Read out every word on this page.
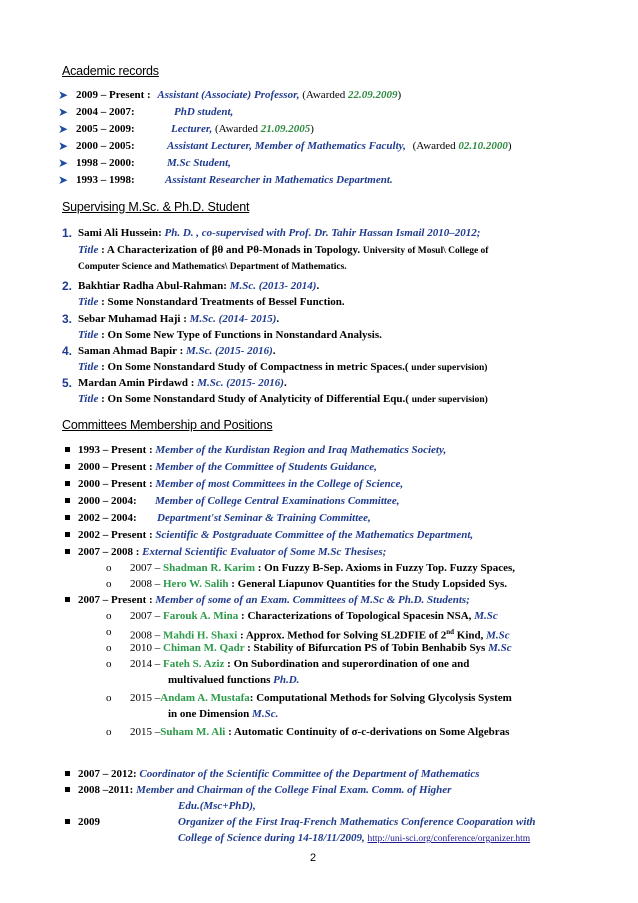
Academic records
➤ 2009 – Present : Assistant (Associate) Professor, (Awarded 22.09.2009)
➤ 2004 – 2007:	PhD student,
➤ 2005 – 2009:	Lecturer, (Awarded 21.09.2005)
➤ 2000 – 2005:	Assistant Lecturer, Member of Mathematics Faculty, (Awarded 02.10.2000)
➤ 1998 – 2000:	M.Sc Student,
➤ 1993 – 1998:	Assistant Researcher in Mathematics Department.
Supervising M.Sc. & Ph.D. Student
1. Sami Ali Hussein: Ph. D. , co-supervised with Prof. Dr. Tahir Hassan Ismail 2010–2012;
Title : A Characterization of βθ and Pθ-Monads in Topology. University of Mosul\ College of
Computer Science and Mathematics\ Department of Mathematics.
2. Bakhtiar Radha Abul-Rahman: M.Sc. (2013- 2014).
Title : Some Nonstandard Treatments of Bessel Function.
3. Sebar Muhamad Haji : M.Sc. (2014- 2015).
Title : On Some New Type of Functions in Nonstandard Analysis.
4. Saman Ahmad Bapir : M.Sc. (2015- 2016).
Title : On Some Nonstandard Study of Compactness in metric Spaces.( under supervision)
5. Mardan Amin Pirdawd : M.Sc. (2015- 2016).
Title : On Some Nonstandard Study of Analyticity of Differential Equ.( under supervision)
Committees Membership and Positions
1993 – Present : Member of the Kurdistan Region and Iraq Mathematics Society,
2000 – Present : Member of the Committee of Students Guidance,
2000 – Present : Member of most Committees in the College of Science,
2000 – 2004: Member of College Central Examinations Committee,
2002 – 2004: Department'st Seminar & Training Committee,
2002 – Present : Scientific & Postgraduate Committee of the Mathematics Department,
2007 – 2008 : External Scientific Evaluator of Some M.Sc Thesises;
o 2007 – Shadman R. Karim : On Fuzzy B-Sep. Axioms in Fuzzy Top. Fuzzy Spaces,
o 2008 – Hero W. Salih : General Liapunov Quantities for the Study Lopsided Sys.
2007 – Present : Member of some of an Exam. Committees of M.Sc & Ph.D. Students;
o 2007 – Farouk A. Mina : Characterizations of Topological Spacesin NSA, M.Sc
o 2008 – Mahdi H. Shaxi : Approx. Method for Solving SL2DFIE of 2nd Kind, M.Sc
o 2010 – Chiman M. Qadr : Stability of Bifurcation PS of Tobin Benhabib Sys M.Sc
o 2014 – Fateh S. Aziz : On Subordination and superordination of one and
multivalued functions Ph.D.
o 2015 –Andam A. Mustafa: Computational Methods for Solving Glycolysis System
in one Dimension M.Sc.
o 2015 –Suham M. Ali : Automatic Continuity of σ-c-derivations on Some Algebras
2007 – 2012: Coordinator of the Scientific Committee of the Department of Mathematics
2008 –2011: Member and Chairman of the College Final Exam. Comm. of Higher
Edu.(Msc+PhD),
2009	Organizer of the First Iraq-French Mathematics Conference Cooparation with
College of Science during 14-18/11/2009, http://uni-sci.org/conference/organizer.htm
2
